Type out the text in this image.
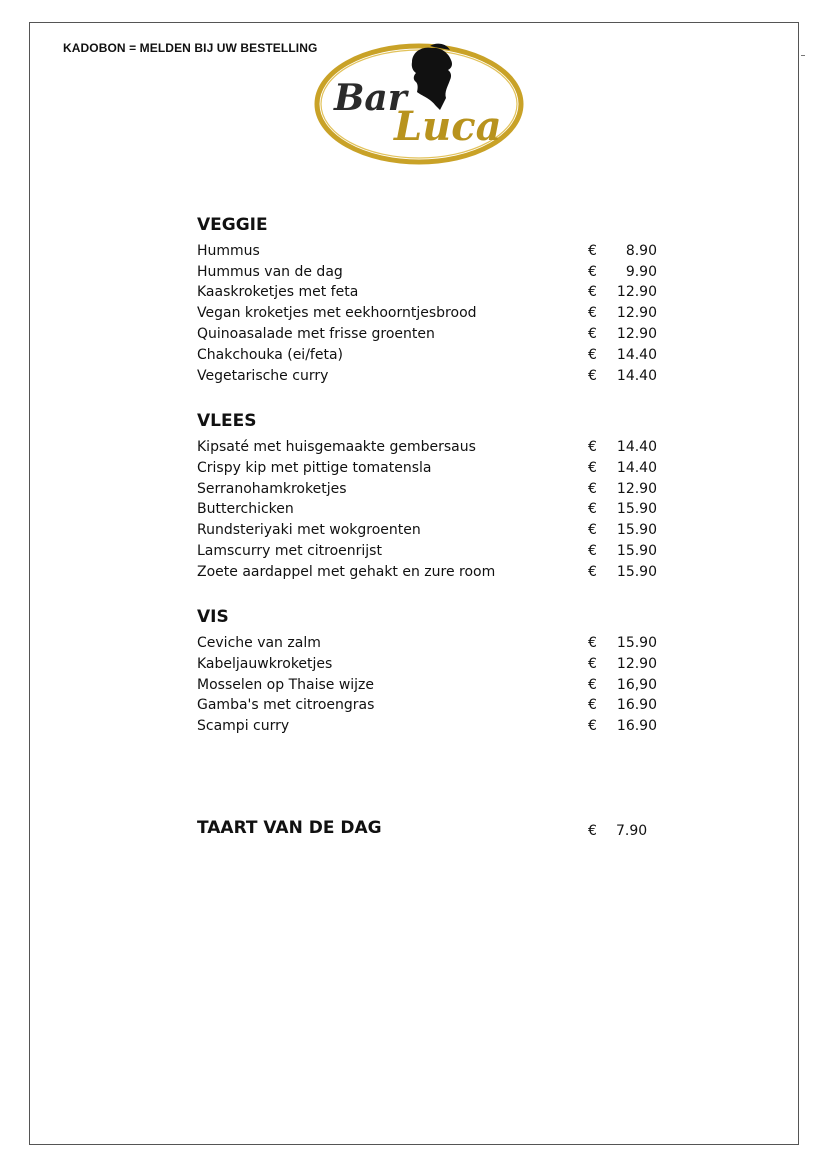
KADOBON = MELDEN BIJ UW BESTELLING
Bar
Luca
VEGGIE
Hummus	€	8.90
Hummus van de dag	€	9.90
Kaaskroketjes met feta	€	12.90
Vegan kroketjes met eekhoorntjesbrood	€	12.90
Quinoasalade met frisse groenten	€	12.90
Chakchouka (ei/feta)	€	14.40
Vegetarische curry	€	14.40
VLEES
Kipsaté met huisgemaakte gembersaus	€	14.40
Crispy kip met pittige tomatensla	€	14.40
Serranohamkroketjes	€	12.90
Butterchicken	€	15.90
Rundsteriyaki met wokgroenten	€	15.90
Lamscurry met citroenrijst	€	15.90
Zoete aardappel met gehakt en zure room	€	15.90
VIS
Ceviche van zalm	€	15.90
Kabeljauwkroketjes	€	12.90
Mosselen op Thaise wijze	€	16,90
Gamba's met citroengras	€	16.90
Scampi curry	€	16.90
TAART VAN DE DAG	€ 7.90
